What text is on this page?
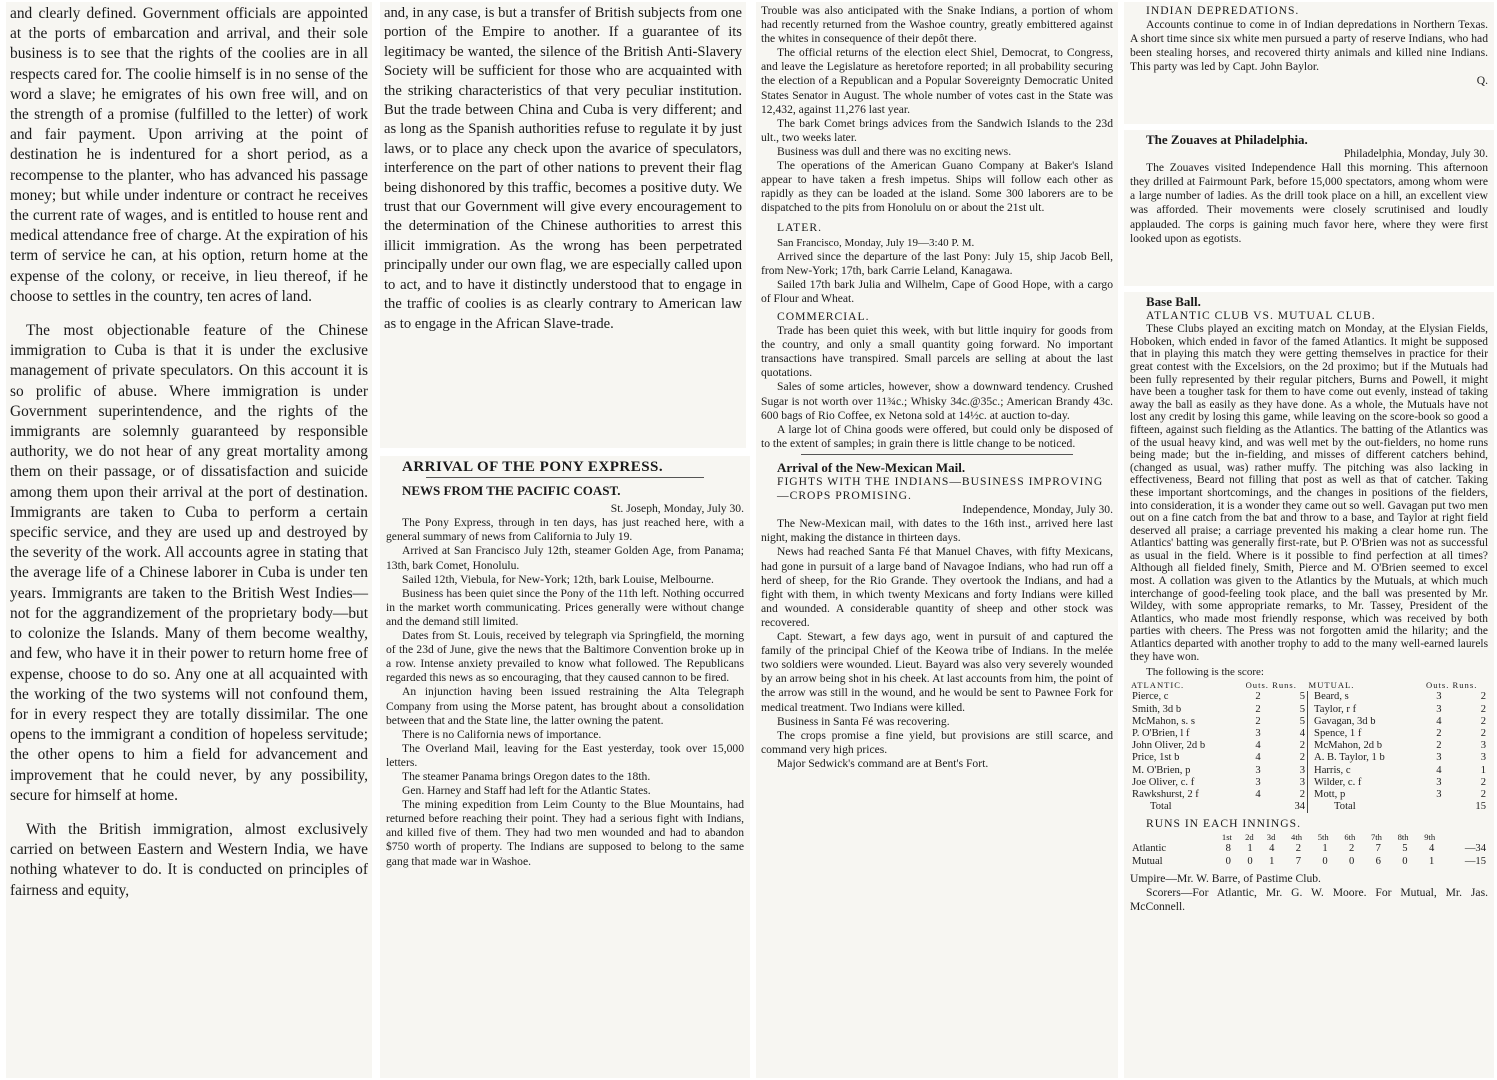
and clearly defined. Government officials are appointed at the ports of embarcation and arrival, and their sole business is to see that the rights of the coolies are in all respects cared for. The coolie himself is in no sense of the word a slave; he emigrates of his own free will, and on the strength of a promise (fulfilled to the letter) of work and fair payment. Upon arriving at the point of destination he is indentured for a short period, as a recompense to the planter, who has advanced his passage money; but while under indenture or contract he receives the current rate of wages, and is entitled to house rent and medical attendance free of charge. At the expiration of his term of service he can, at his option, return home at the expense of the colony, or receive, in lieu thereof, if he choose to settles in the country, ten acres of land.

The most objectionable feature of the Chinese immigration to Cuba is that it is under the exclusive management of private speculators. On this account it is so prolific of abuse. Where immigration is under Government superintendence, and the rights of the immigrants are solemnly guaranteed by responsible authority, we do not hear of any great mortality among them on their passage, or of dissatisfaction and suicide among them upon their arrival at the port of destination. Immigrants are taken to Cuba to perform a certain specific service, and they are used up and destroyed by the severity of the work. All accounts agree in stating that the average life of a Chinese laborer in Cuba is under ten years. Immigrants are taken to the British West Indies—not for the aggrandizement of the proprietary body—but to colonize the Islands. Many of them become wealthy, and few, who have it in their power to return home free of expense, choose to do so. Any one at all acquainted with the working of the two systems will not confound them, for in every respect they are totally dissimilar. The one opens to the immigrant a condition of hopeless servitude; the other opens to him a field for advancement and improvement that he could never, by any possibility, secure for himself at home.

With the British immigration, almost exclusively carried on between Eastern and Western India, we have nothing whatever to do. It is conducted on principles of fairness and equity,

and, in any case, is but a transfer of British subjects from one portion of the Empire to another. If a guarantee of its legitimacy be wanted, the silence of the British Anti-Slavery Society will be sufficient for those who are acquainted with the striking characteristics of that very peculiar institution. But the trade between China and Cuba is very different; and as long as the Spanish authorities refuse to regulate it by just laws, or to place any check upon the avarice of speculators, interference on the part of other nations to prevent their flag being dishonored by this traffic, becomes a positive duty. We trust that our Government will give every encouragement to the determination of the Chinese authorities to arrest this illicit immigration. As the wrong has been perpetrated principally under our own flag, we are especially called upon to act, and to have it distinctly understood that to engage in the traffic of coolies is as clearly contrary to American law as to engage in the African Slave-trade.

ARRIVAL OF THE PONY EXPRESS.

NEWS FROM THE PACIFIC COAST.

St. Joseph, Monday, July 30.

The Pony Express, through in ten days, has just reached here, with a general summary of news from California to July 19.

Arrived at San Francisco July 12th, steamer Golden Age, from Panama; 13th, bark Comet, Honolulu.

Sailed 12th, Viebula, for New-York; 12th, bark Louise, Melbourne.

Business has been quiet since the Pony of the 11th left. Nothing occurred in the market worth communicating. Prices generally were without change and the demand still limited.

Dates from St. Louis, received by telegraph via Springfield, the morning of the 23d of June, give the news that the Baltimore Convention broke up in a row. Intense anxiety prevailed to know what followed. The Republicans regarded this news as so encouraging, that they caused cannon to be fired.

An injunction having been issued restraining the Alta Telegraph Company from using the Morse patent, has brought about a consolidation between that and the State line, the latter owning the patent.

There is no California news of importance.

The Overland Mail, leaving for the East yesterday, took over 15,000 letters.

The steamer Panama brings Oregon dates to the 18th.

Gen. Harney and Staff had left for the Atlantic States.

The mining expedition from Leim County to the Blue Mountains, had returned before reaching their point. They had a serious fight with Indians, and killed five of them. They had two men wounded and had to abandon $750 worth of property. The Indians are supposed to belong to the same gang that made war in Washoe.

Trouble was also anticipated with the Snake Indians, a portion of whom had recently returned from the Washoe country, greatly embittered against the whites in consequence of their depôt there.

The official returns of the election elect Shiel, Democrat, to Congress, and leave the Legislature as heretofore reported; in all probability securing the election of a Republican and a Popular Sovereignty Democratic United States Senator in August. The whole number of votes cast in the State was 12,432, against 11,276 last year.

The bark Comet brings advices from the Sandwich Islands to the 23d ult., two weeks later.

Business was dull and there was no exciting news.

The operations of the American Guano Company at Baker's Island appear to have taken a fresh impetus. Ships will follow each other as rapidly as they can be loaded at the island. Some 300 laborers are to be dispatched to the pits from Honolulu on or about the 21st ult.

LATER.

San Francisco, Monday, July 19—3:40 P. M.

Arrived since the departure of the last Pony: July 15, ship Jacob Bell, from New-York; 17th, bark Carrie Leland, Kanagawa.

Sailed 17th bark Julia and Wilhelm, Cape of Good Hope, with a cargo of Flour and Wheat.

COMMERCIAL.

Trade has been quiet this week, with but little inquiry for goods from the country, and only a small quantity going forward. No important transactions have transpired. Small parcels are selling at about the last quotations.

Sales of some articles, however, show a downward tendency. Crushed Sugar is not worth over 11¾c.; Whisky 34c.@35c.; American Brandy 43c. 600 bags of Rio Coffee, ex Netona sold at 14½c. at auction to-day.

A large lot of China goods were offered, but could only be disposed of to the extent of samples; in grain there is little change to be noticed.

Arrival of the New-Mexican Mail.

FIGHTS WITH THE INDIANS—BUSINESS IMPROVING

—CROPS PROMISING.

Independence, Monday, July 30.

The New-Mexican mail, with dates to the 16th inst., arrived here last night, making the distance in thirteen days.

News had reached Santa Fé that Manuel Chaves, with fifty Mexicans, had gone in pursuit of a large band of Navagoe Indians, who had run off a herd of sheep, for the Rio Grande. They overtook the Indians, and had a fight with them, in which twenty Mexicans and forty Indians were killed and wounded. A considerable quantity of sheep and other stock was recovered.

Capt. Stewart, a few days ago, went in pursuit of and captured the family of the principal Chief of the Keowa tribe of Indians. In the melée two soldiers were wounded. Lieut. Bayard was also very severely wounded by an arrow being shot in his cheek. At last accounts from him, the point of the arrow was still in the wound, and he would be sent to Pawnee Fork for medical treatment. Two Indians were killed.

Business in Santa Fé was recovering.

The crops promise a fine yield, but provisions are still scarce, and command very high prices.

Major Sedwick's command are at Bent's Fort.

INDIAN DEPREDATIONS.

Accounts continue to come in of Indian depredations in Northern Texas. A short time since six white men pursued a party of reserve Indians, who had been stealing horses, and recovered thirty animals and killed nine Indians. This party was led by Capt. John Baylor.

Q.

The Zouaves at Philadelphia.

Philadelphia, Monday, July 30.

The Zouaves visited Independence Hall this morning. This afternoon they drilled at Fairmount Park, before 15,000 spectators, among whom were a large number of ladies. As the drill took place on a hill, an excellent view was afforded. Their movements were closely scrutinised and loudly applauded. The corps is gaining much favor here, where they were first looked upon as egotists.

Base Ball.

ATLANTIC CLUB VS. MUTUAL CLUB.

These Clubs played an exciting match on Monday, at the Elysian Fields, Hoboken, which ended in favor of the famed Atlantics. It might be supposed that in playing this match they were getting themselves in practice for their great contest with the Excelsiors, on the 2d proximo; but if the Mutuals had been fully represented by their regular pitchers, Burns and Powell, it might have been a tougher task for them to have come out evenly, instead of taking away the ball as easily as they have done. As a whole, the Mutuals have not lost any credit by losing this game, while leaving on the score-book so good a fifteen, against such fielding as the Atlantics. The batting of the Atlantics was of the usual heavy kind, and was well met by the out-fielders, no home runs being made; but the in-fielding, and misses of different catchers behind, (changed as usual, was) rather muffy. The pitching was also lacking in effectiveness, Beard not filling that post as well as that of catcher. Taking these important shortcomings, and the changes in positions of the fielders, into consideration, it is a wonder they came out so well. Gavagan put two men out on a fine catch from the bat and throw to a base, and Taylor at right field deserved all praise; a carriage prevented his making a clear home run. The Atlantics' batting was generally first-rate, but P. O'Brien was not as successful as usual in the field. Where is it possible to find perfection at all times? Although all fielded finely, Smith, Pierce and M. O'Brien seemed to excel most. A collation was given to the Atlantics by the Mutuals, at which much interchange of good-feeling took place, and the ball was presented by Mr. Wildey, with some appropriate remarks, to Mr. Tassey, President of the Atlantics, who made most friendly response, which was received by both parties with cheers. The Press was not forgotten amid the hilarity; and the Atlantics departed with another trophy to add to the many well-earned laurels they have won.

The following is the score:

ATLANTIC.	Outs. Runs.		MUTUAL.	Outs. Runs.	
Pierce, c	2	5	Beard, s	3	2
Smith, 3d b	2	5	Taylor, r f	3	2
McMahon, s. s	2	5	Gavagan, 3d b	4	2
P. O'Brien, l f	3	4	Spence, 1 f	2	2
John Oliver, 2d b	4	2	McMahon, 2d b	2	3
Price, 1st b	4	2	A. B. Taylor, 1 b	3	3
M. O'Brien, p	3	3	Harris, c	4	1
Joe Oliver, c. f	3	3	Wilder, c. f	3	2
Rawkshurst, 2 f	4	2	Mott, p	3	2
Total		34	Total		15

RUNS IN EACH INNINGS.

	1st	2d	3d	4th	5th	6th	7th	8th	9th	
Atlantic	8	1	4	2	1	2	7	5	4	—34
Mutual	0	0	1	7	0	0	6	0	1	—15

Umpire—Mr. W. Barre, of Pastime Club.

Scorers—For Atlantic, Mr. G. W. Moore. For Mutual, Mr. Jas. McConnell.
